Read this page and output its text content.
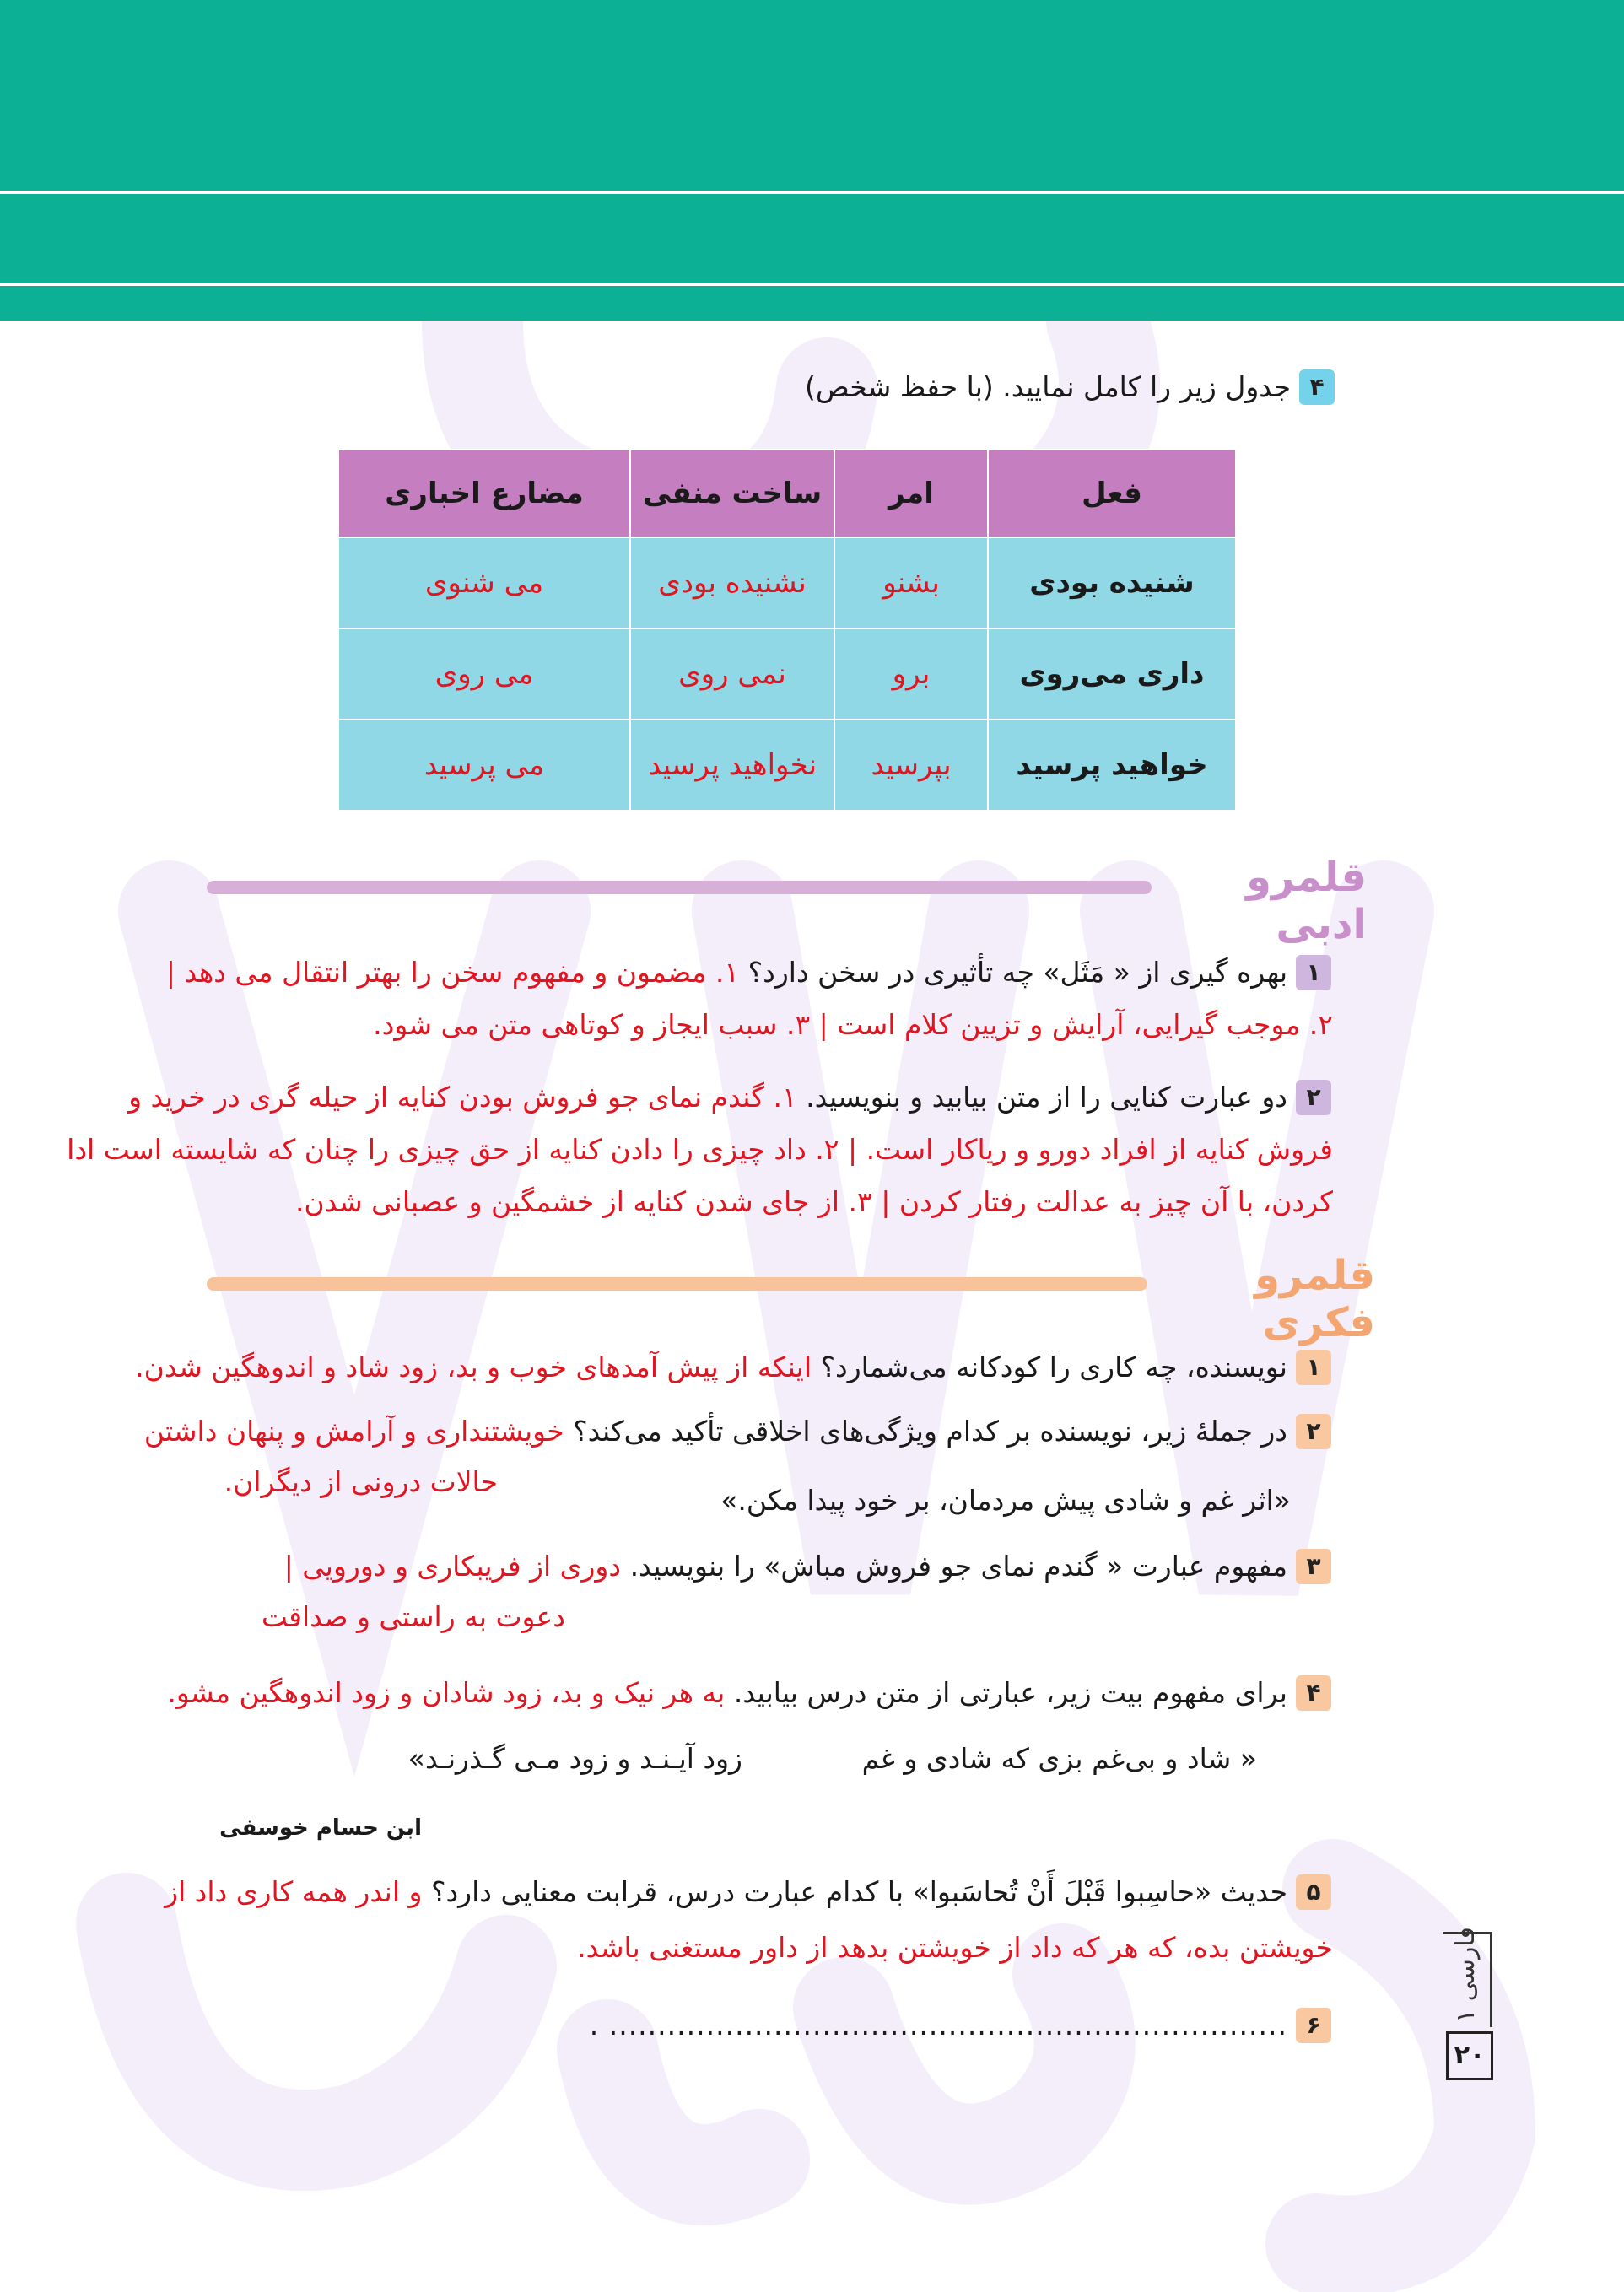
۴
جدول زیر را کامل نمایید. (با حفظ شخص)
فعل	امر	ساخت منفی	مضارع اخباری
شنیده بودی	بشنو	نشنیده ‌بودی	می‌ شنوی
داری می‌روی	‌ برو ‌	نمی ‌روی	می‌ روی
خواهید پرسید	بپرسید	نخواهید ‌پرسید	می‌ پرسید
قلمرو ادبی
۱
بهره گیری از « مَثَل» چه تأثیری در سخن دارد؟ ۱. مضمون و مفهوم سخن را بهتر انتقال می دهد |
۲. موجب گیرایی، آرایش و تزیین کلام است | ۳. سبب ایجاز و کوتاهی متن می شود.
۲
دو عبارت کنایی را از متن بیابید و بنویسید. ۱. گندم نمای جو فروش بودن کنایه از حیله گری در خرید و
فروش کنایه از افراد دورو و ریاکار است. | ۲. داد چیزی را دادن کنایه از حق چیزی را چنان که شایسته است ادا
کردن، با آن چیز به عدالت رفتار کردن | ۳. از جای شدن کنایه از خشمگین و عصبانی شدن.
قلمرو فکری
۱
نویسنده، چه کاری را کودکانه می‌شمارد؟ اینکه از پیش آمدهای خوب و بد، زود شاد و اندوهگین شدن.
۲
در جملهٔ زیر، نویسنده بر کدام ویژگی‌های اخلاقی تأکید می‌کند؟ خویشتنداری و آرامش و پنهان داشتن
حالات درونی از دیگران.
«اثر غم و شادی پیش مردمان، بر خود پیدا مکن.»
۳
مفهوم عبارت « گندم نمای جو فروش مباش» را بنویسید. دوری از فریبکاری و دورویی |
دعوت به راستی و صداقت
۴
برای مفهوم بیت زیر، عبارتی از متن درس بیابید. به هر نیک و بد، زود شادان و زود اندوهگین مشو.
« شاد و بی‌غم بزی که شادی و غم
زود آیـنـد و زود مـی گـذرنـد»
ابن حسام خوسفی
۵
حدیث «حاسِبوا قَبْلَ أَنْ تُحاسَبوا» با کدام عبارت درس، قرابت معنایی دارد؟ و اندر همه کاری داد از
خویشتن بده، که هر که داد از خویشتن بدهد از داور مستغنی باشد.
۶
...................................................................... .	فارسی ۱
۲۰
